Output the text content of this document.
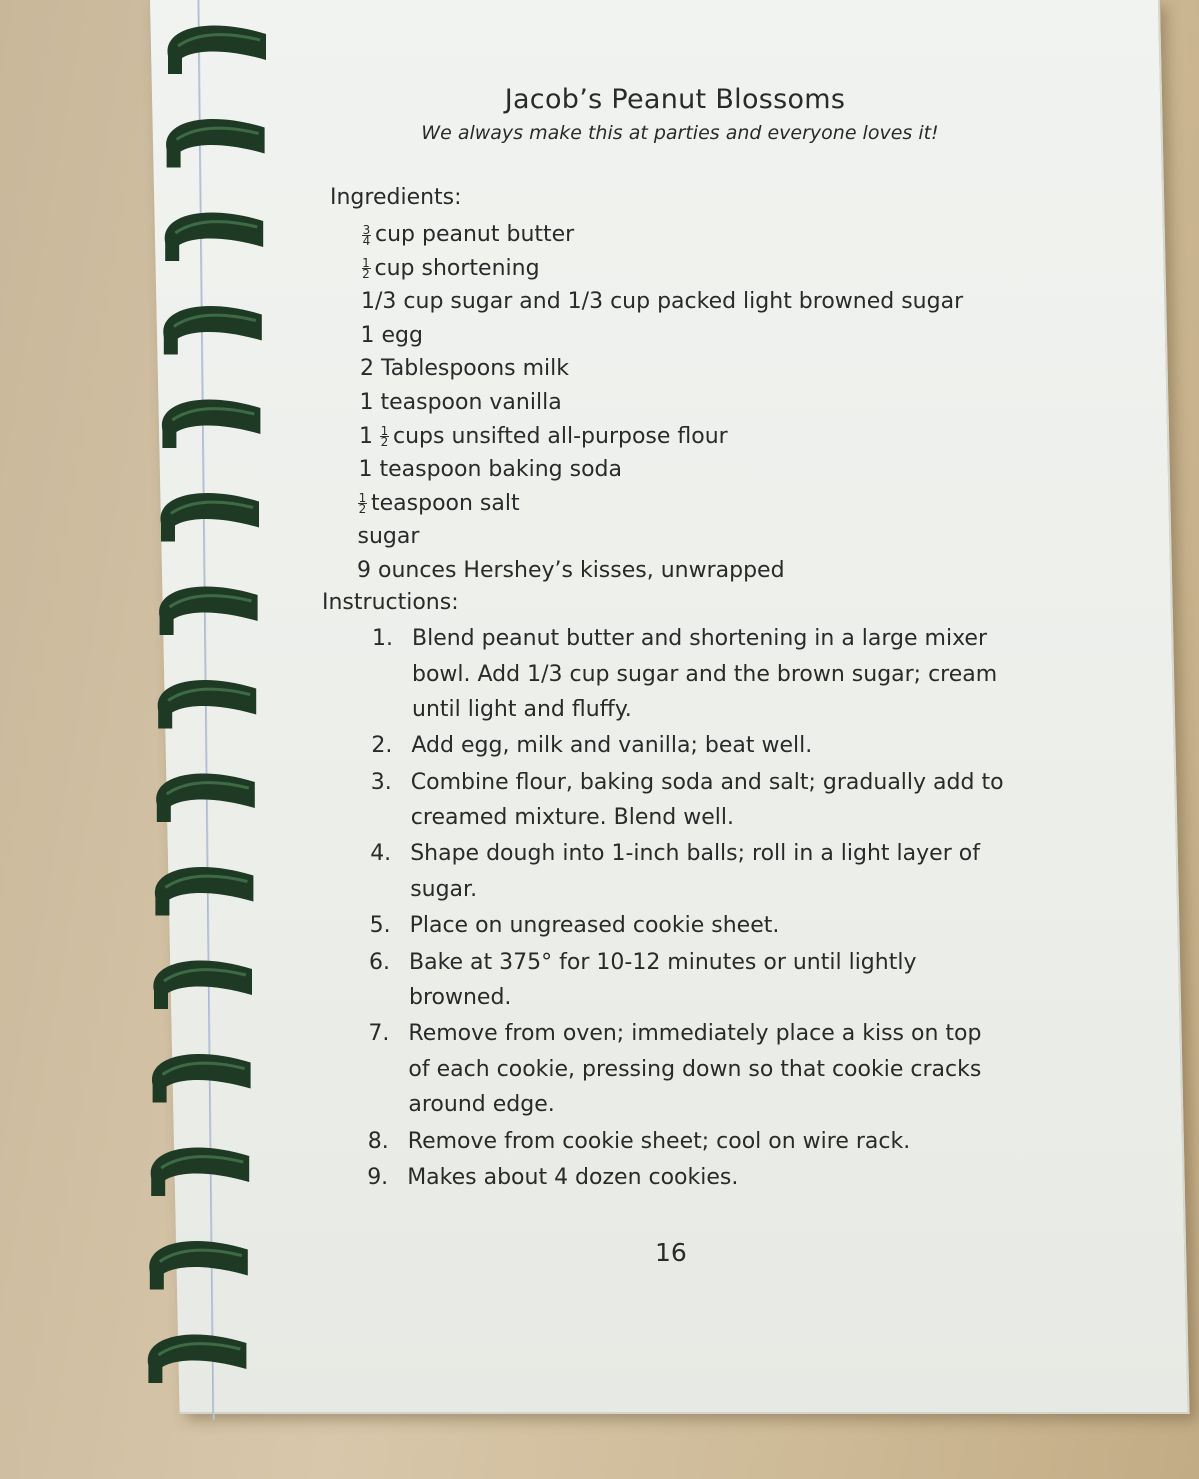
Jacob’s Peanut Blossoms
We always make this at parties and everyone loves it!
Ingredients:
$\frac{3}{4}$ cup peanut butter
$\frac{1}{2}$ cup shortening
1/3 cup sugar and 1/3 cup packed light browned sugar
1 egg
2 Tablespoons milk
1 teaspoon vanilla
$1 \frac{1}{2}$ cups unsifted all-purpose flour
1 teaspoon baking soda
$\frac{1}{2}$ teaspoon salt
sugar
9 ounces Hershey’s kisses, unwrapped
Instructions:
1. Blend peanut butter and shortening in a large mixer
bowl. Add 1/3 cup sugar and the brown sugar; cream
until light and fluffy.
2. Add egg, milk and vanilla; beat well.
3. Combine flour, baking soda and salt; gradually add to
creamed mixture. Blend well.
4. Shape dough into 1-inch balls; roll in a light layer of
sugar.
5. Place on ungreased cookie sheet.
6. Bake at 375° for 10-12 minutes or until lightly
browned.
7. Remove from oven; immediately place a kiss on top
of each cookie, pressing down so that cookie cracks
around edge.
8. Remove from cookie sheet; cool on wire rack.
9. Makes about 4 dozen cookies.
16
